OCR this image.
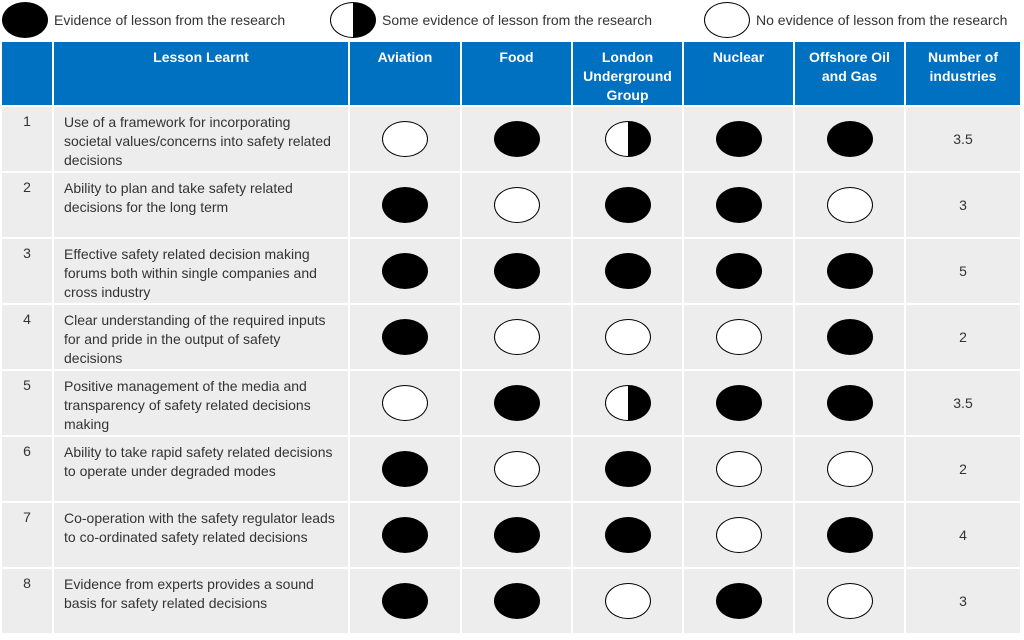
Evidence of lesson from the research	Some evidence of lesson from the research	No evidence of lesson from the research
	Lesson Learnt	Aviation	Food	London Underground Group	Nuclear	Offshore Oil and Gas	Number of industries
1	Use of a framework for incorporating societal values/concerns into safety related decisions						3.5
2	Ability to plan and take safety related decisions for the long term						3
3	Effective safety related decision making forums both within single companies and cross industry						5
4	Clear understanding of the required inputs for and pride in the output of safety decisions						2
5	Positive management of the media and transparency of safety related decisions making						3.5
6	Ability to take rapid safety related decisions to operate under degraded modes						2
7	Co-operation with the safety regulator leads to co-ordinated safety related decisions						4
8	Evidence from experts provides a sound basis for safety related decisions						3
